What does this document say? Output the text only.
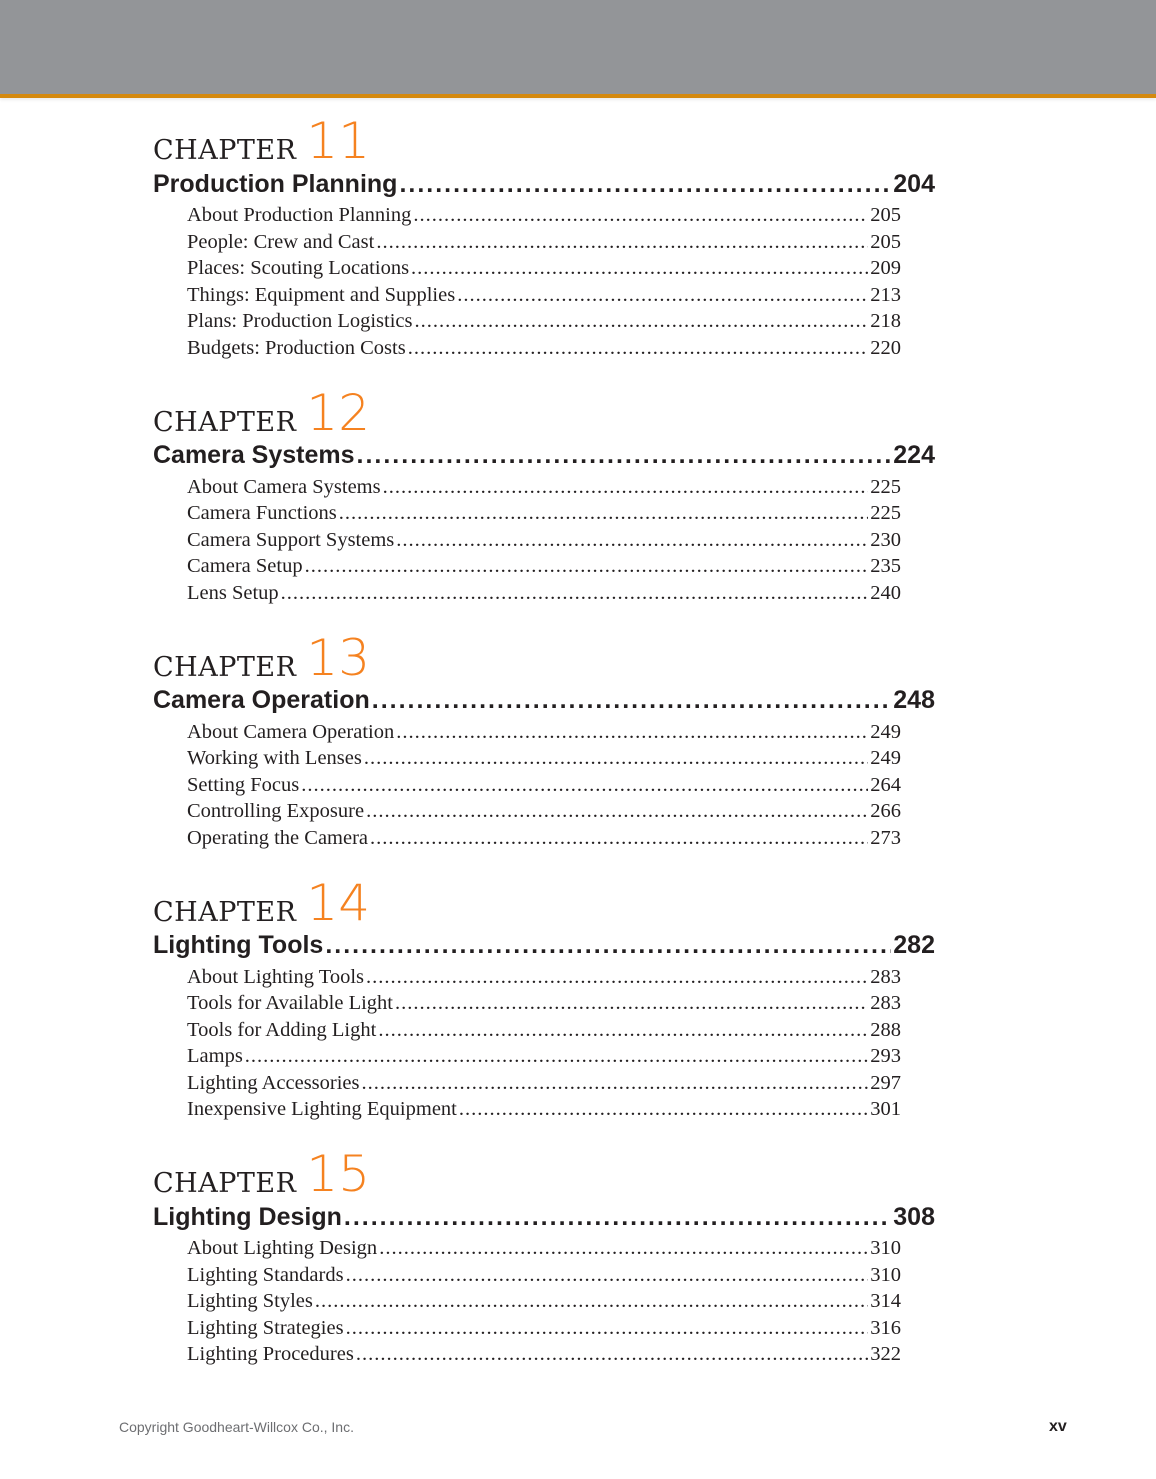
CHAPTER 11
Production Planning .....	204
About Production Planning .....	205
People: Crew and Cast .....	205
Places: Scouting Locations .....	209
Things: Equipment and Supplies .....	213
Plans: Production Logistics .....	218
Budgets: Production Costs .....	220
CHAPTER 12
Camera Systems .....	224
About Camera Systems .....	225
Camera Functions .....	225
Camera Support Systems .....	230
Camera Setup .....	235
Lens Setup .....	240
CHAPTER 13
Camera Operation .....	248
About Camera Operation .....	249
Working with Lenses .....	249
Setting Focus .....	264
Controlling Exposure .....	266
Operating the Camera .....	273
CHAPTER 14
Lighting Tools .....	282
About Lighting Tools .....	283
Tools for Available Light .....	283
Tools for Adding Light .....	288
Lamps .....	293
Lighting Accessories .....	297
Inexpensive Lighting Equipment .....	301
CHAPTER 15
Lighting Design .....	308
About Lighting Design .....	310
Lighting Standards .....	310
Lighting Styles .....	314
Lighting Strategies .....	316
Lighting Procedures .....	322
Copyright Goodheart-Willcox Co., Inc.	xv
